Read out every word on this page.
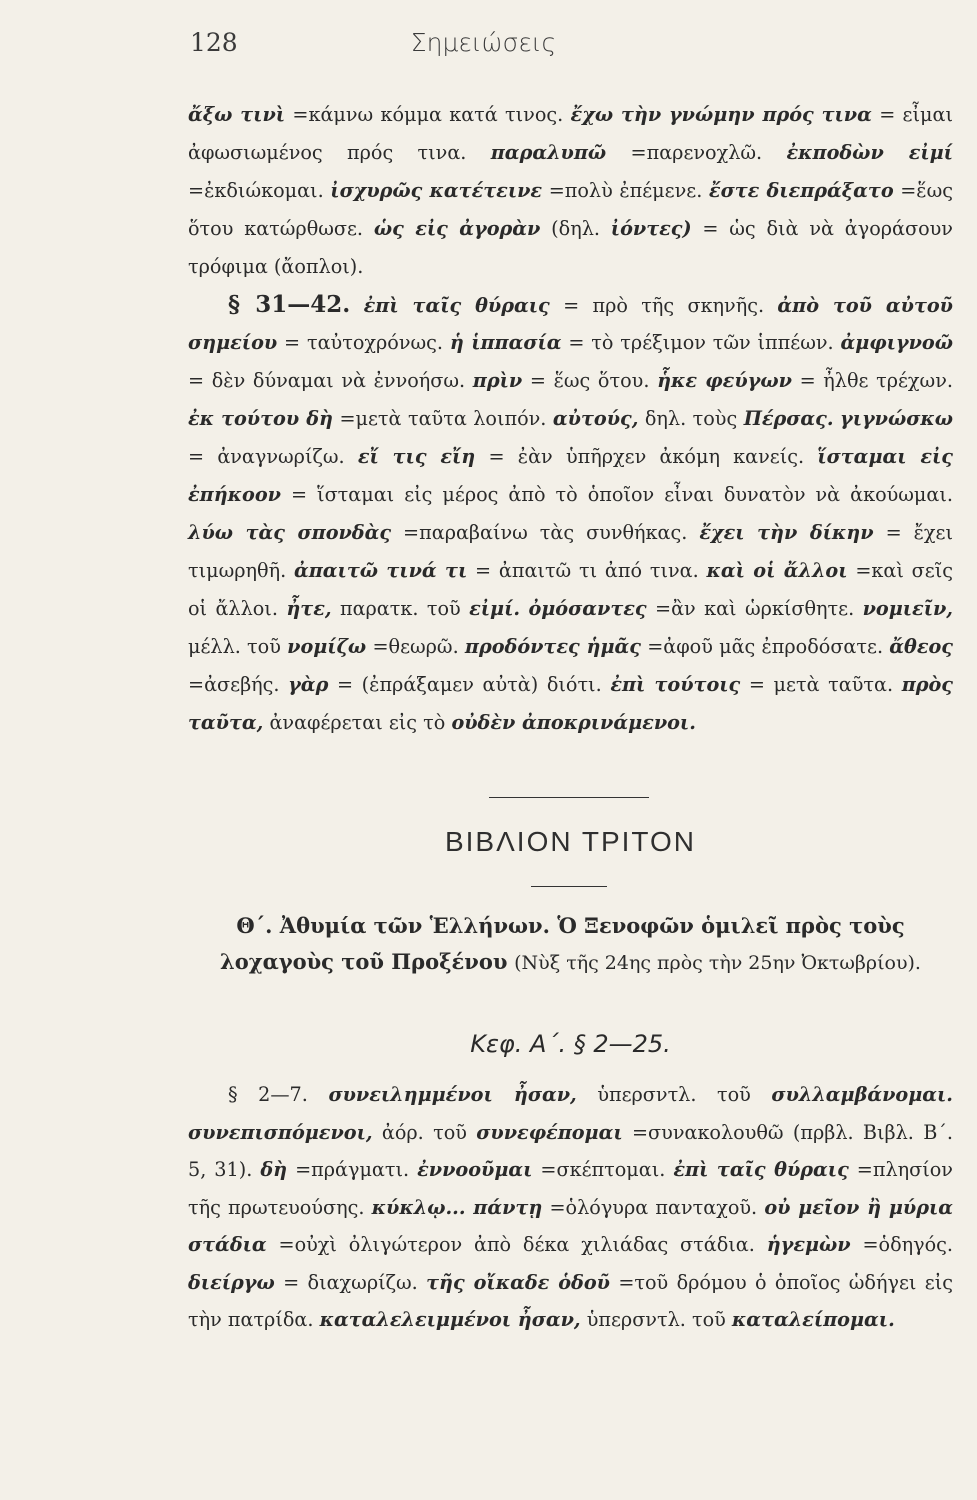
128	Σημειώσεις
ἄξω τινὶ =κάμνω κόμμα κατά τινος. ἔχω τὴν γνώμην πρός τινα = εἶμαι ἀφωσιωμένος πρός τινα. παραλυπῶ =παρενοχλῶ. ἐκποδὼν εἰμί =ἐκδιώκομαι. ἰσχυρῶς κατέτεινε =πολὺ ἐπέμενε. ἔστε διεπράξατο =ἕως ὅτου κατώρθωσε. ὡς εἰς ἀγορὰν (δηλ. ἰόντες) = ὡς διὰ νὰ ἀγοράσουν τρόφιμα (ἄοπλοι).
§ 31—42. ἐπὶ ταῖς θύραις = πρὸ τῆς σκηνῆς. ἀπὸ τοῦ αὐτοῦ σημείου = ταὐτοχρόνως. ἡ ἱππασία = τὸ τρέξιμον τῶν ἱππέων. ἀμφιγνοῶ = δὲν δύναμαι νὰ ἐννοήσω. πρὶν = ἕως ὅτου. ἧκε φεύγων = ἦλθε τρέχων. ἐκ τούτου δὴ =μετὰ ταῦτα λοιπόν. αὐτούς, δηλ. τοὺς Πέρσας. γιγνώσκω = ἀναγνωρίζω. εἴ τις εἴη = ἐὰν ὑπῆρχεν ἀκόμη κανείς. ἵσταμαι εἰς ἐπήκοον = ἵσταμαι εἰς μέρος ἀπὸ τὸ ὁποῖον εἶναι δυνατὸν νὰ ἀκούωμαι. λύω τὰς σπονδὰς =παραβαίνω τὰς συνθήκας. ἔχει τὴν δίκην = ἔχει τιμωρηθῆ. ἀπαιτῶ τινά τι = ἀπαιτῶ τι ἀπό τινα. καὶ οἱ ἄλλοι =καὶ σεῖς οἱ ἄλλοι. ἦτε, παρατκ. τοῦ εἰμί. ὀμόσαντες =ἂν καὶ ὡρκίσθητε. νομιεῖν, μέλλ. τοῦ νομίζω =θεωρῶ. προδόντες ἡμᾶς =ἀφοῦ μᾶς ἐπροδόσατε. ἄθεος =ἀσεβής. γὰρ = (ἐπράξαμεν αὐτὰ) διότι. ἐπὶ τούτοις = μετὰ ταῦτα. πρὸς ταῦτα, ἀναφέρεται εἰς τὸ οὐδὲν ἀποκρινάμενοι.
ΒΙΒΛΙΟΝ ΤΡΙΤΟΝ
Θ΄. Ἀθυμία τῶν Ἑλλήνων. Ὁ Ξενοφῶν ὁμιλεῖ πρὸς τοὺς λοχαγοὺς τοῦ Προξένου (Νὺξ τῆς 24ης πρὸς τὴν 25ην Ὀκτωβρίου).
Κεφ. Α΄. § 2—25.
§ 2—7. συνειλημμένοι ἦσαν, ὑπερσντλ. τοῦ συλλαμβάνομαι. συνεπισπόμενοι, ἀόρ. τοῦ συνεφέπομαι =συνακολουθῶ (πρβλ. Βιβλ. Β΄. 5, 31). δὴ =πράγματι. ἐννοοῦμαι =σκέπτομαι. ἐπὶ ταῖς θύραις =πλησίον τῆς πρωτευούσης. κύκλῳ... πάντῃ =ὁλόγυρα πανταχοῦ. οὐ μεῖον ἢ μύρια στάδια =οὐχὶ ὀλιγώτερον ἀπὸ δέκα χιλιάδας στάδια. ἡγεμὼν =ὁδηγός. διείργω = διαχωρίζω. τῆς οἴκαδε ὁδοῦ =τοῦ δρόμου ὁ ὁποῖος ὡδήγει εἰς τὴν πατρίδα. καταλελειμμένοι ἦσαν, ὑπερσντλ. τοῦ καταλείπομαι.
